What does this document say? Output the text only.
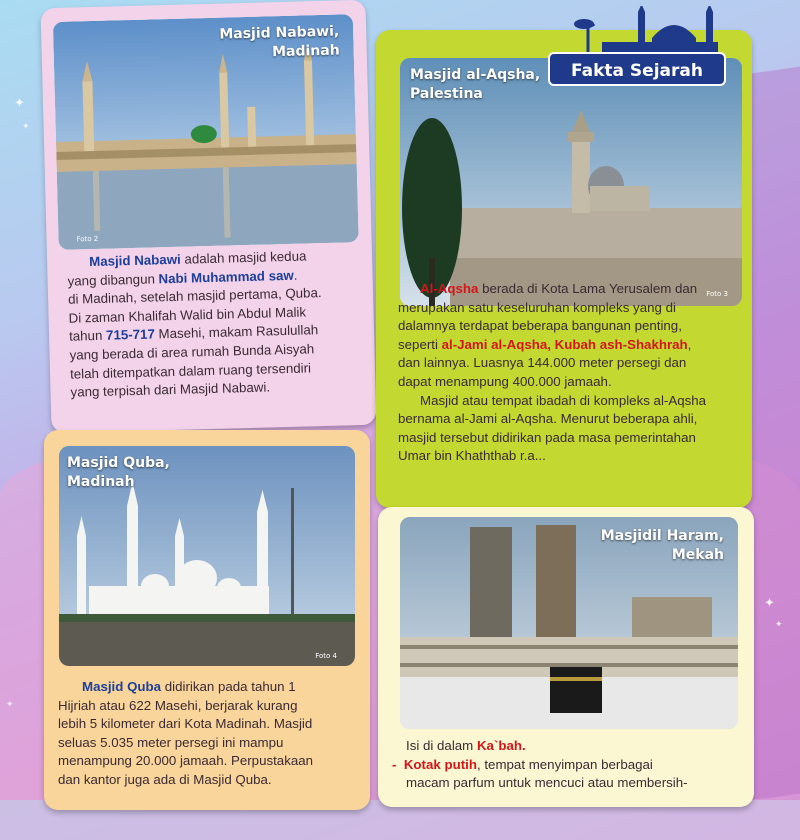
✦
✦
✦
✦
✦
Masjid Nabawi,
Madinah
Foto 2
Masjid Nabawi adalah masjid kedua
yang dibangun Nabi Muhammad saw.
di Madinah, setelah masjid pertama, Quba.
Di zaman Khalifah Walid bin Abdul Malik
tahun 715-717 Masehi, makam Rasulullah
yang berada di area rumah Bunda Aisyah
telah ditempatkan dalam ruang tersendiri
yang terpisah dari Masjid Nabawi.
Masjid al-Aqsha,
Palestina
Foto 3
Al-Aqsha berada di Kota Lama Yerusalem dan
merupakan satu keseluruhan kompleks yang di
dalamnya terdapat beberapa bangunan penting,
seperti al-Jami al-Aqsha, Kubah ash-Shakhrah,
dan lainnya. Luasnya 144.000 meter persegi dan
dapat menampung 400.000 jamaah.
Masjid atau tempat ibadah di kompleks al-Aqsha
bernama al-Jami al-Aqsha. Menurut beberapa ahli,
masjid tersebut didirikan pada masa pemerintahan
Umar bin Khaththab r.a...
Fakta Sejarah
Masjid Quba,
Madinah
Foto 4
Masjid Quba didirikan pada tahun 1
Hijriah atau 622 Masehi, berjarak kurang
lebih 5 kilometer dari Kota Madinah. Masjid
seluas 5.035 meter persegi ini mampu
menampung 20.000 jamaah. Perpustakaan
dan kantor juga ada di Masjid Quba.
Masjidil Haram,
Mekah
Isi di dalam Ka`bah.
- Kotak putih, tempat menyimpan berbagai
macam parfum untuk mencuci atau membersih-
